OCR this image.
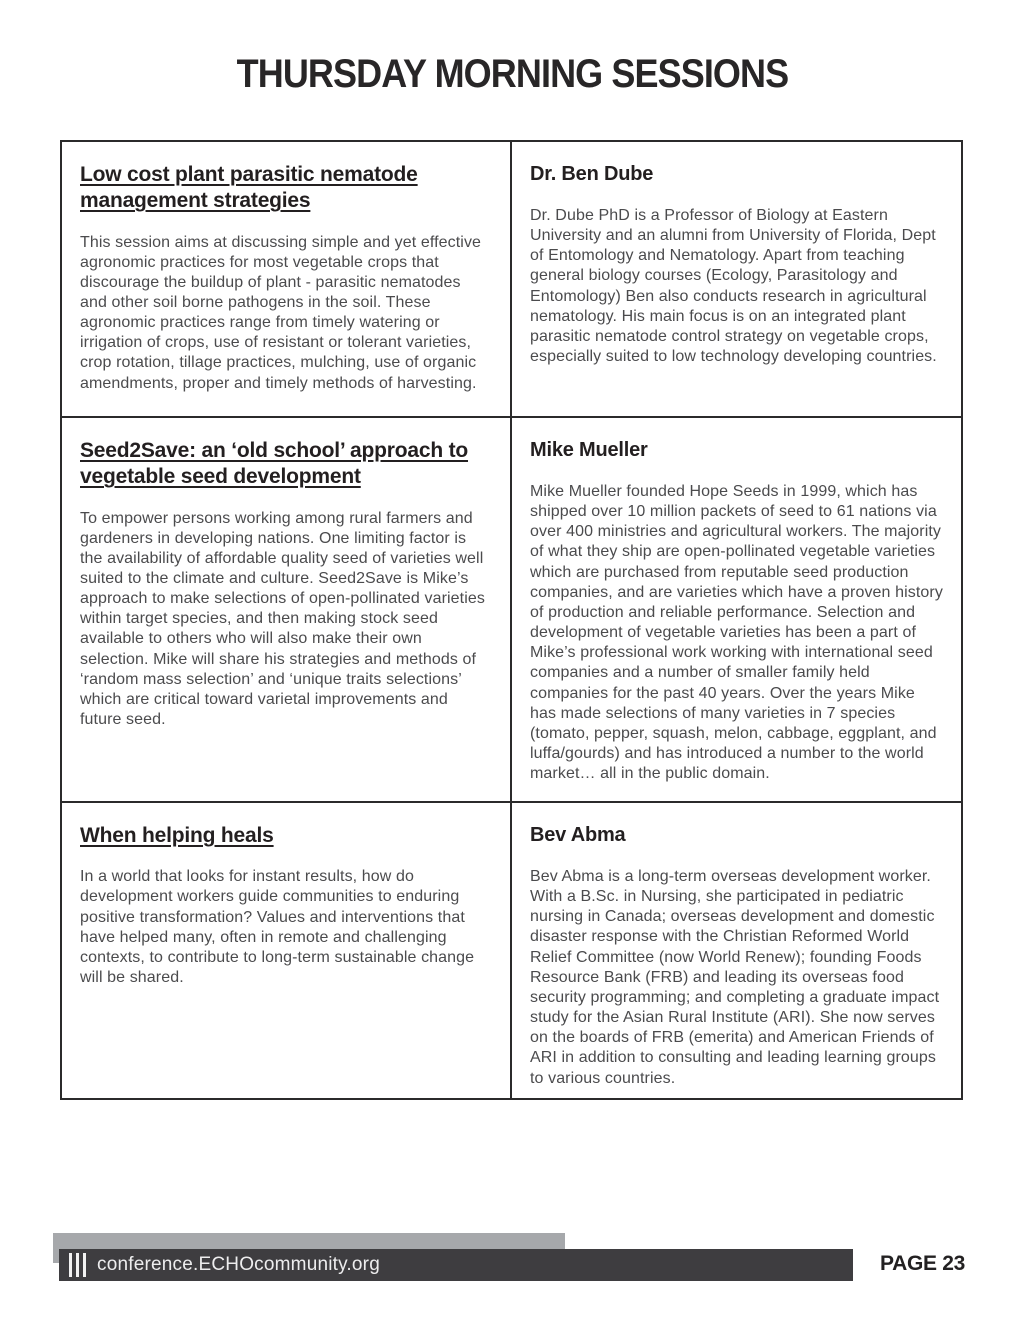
THURSDAY MORNING SESSIONS
Low cost plant parasitic nematode management strategies

This session aims at discussing simple and yet effective agronomic practices for most vegetable crops that discourage the buildup of plant - parasitic nematodes and other soil borne pathogens in the soil. These agronomic practices range from timely watering or irrigation of crops, use of resistant or tolerant varieties, crop rotation, tillage practices, mulching, use of organic amendments, proper and timely methods of harvesting.

Dr. Ben Dube

Dr. Dube PhD is a Professor of Biology at Eastern University and an alumni from University of Florida, Dept of Entomology and Nematology. Apart from teaching general biology courses (Ecology, Parasitology and Entomology) Ben also conducts research in agricultural nematology. His main focus is on an integrated plant parasitic nematode control strategy on vegetable crops, especially suited to low technology developing countries.

Seed2Save: an ‘old school’ approach to vegetable seed development

To empower persons working among rural farmers and gardeners in developing nations. One limiting factor is the availability of affordable quality seed of varieties well suited to the climate and culture. Seed2Save is Mike’s approach to make selections of open-pollinated varieties within target species, and then making stock seed available to others who will also make their own selection. Mike will share his strategies and methods of ‘random mass selection’ and ‘unique traits selections’ which are critical toward varietal improvements and future seed.

Mike Mueller

Mike Mueller founded Hope Seeds in 1999, which has shipped over 10 million packets of seed to 61 nations via over 400 ministries and agricultural workers. The majority of what they ship are open-pollinated vegetable varieties which are purchased from reputable seed production companies, and are varieties which have a proven history of production and reliable performance. Selection and development of vegetable varieties has been a part of Mike’s professional work working with international seed companies and a number of smaller family held companies for the past 40 years. Over the years Mike has made selections of many varieties in 7 species (tomato, pepper, squash, melon, cabbage, eggplant, and luffa/gourds) and has introduced a number to the world market… all in the public domain.

When helping heals

In a world that looks for instant results, how do development workers guide communities to enduring positive transformation? Values and interventions that have helped many, often in remote and challenging contexts, to contribute to long-term sustainable change will be shared.

Bev Abma

Bev Abma is a long-term overseas development worker. With a B.Sc. in Nursing, she participated in pediatric nursing in Canada; overseas development and domestic disaster response with the Christian Reformed World Relief Committee (now World Renew); founding Foods Resource Bank (FRB) and leading its overseas food security programming; and completing a graduate impact study for the Asian Rural Institute (ARI). She now serves on the boards of FRB (emerita) and American Friends of ARI in addition to consulting and leading learning groups to various countries.

conference.ECHOcommunity.org	PAGE 23
